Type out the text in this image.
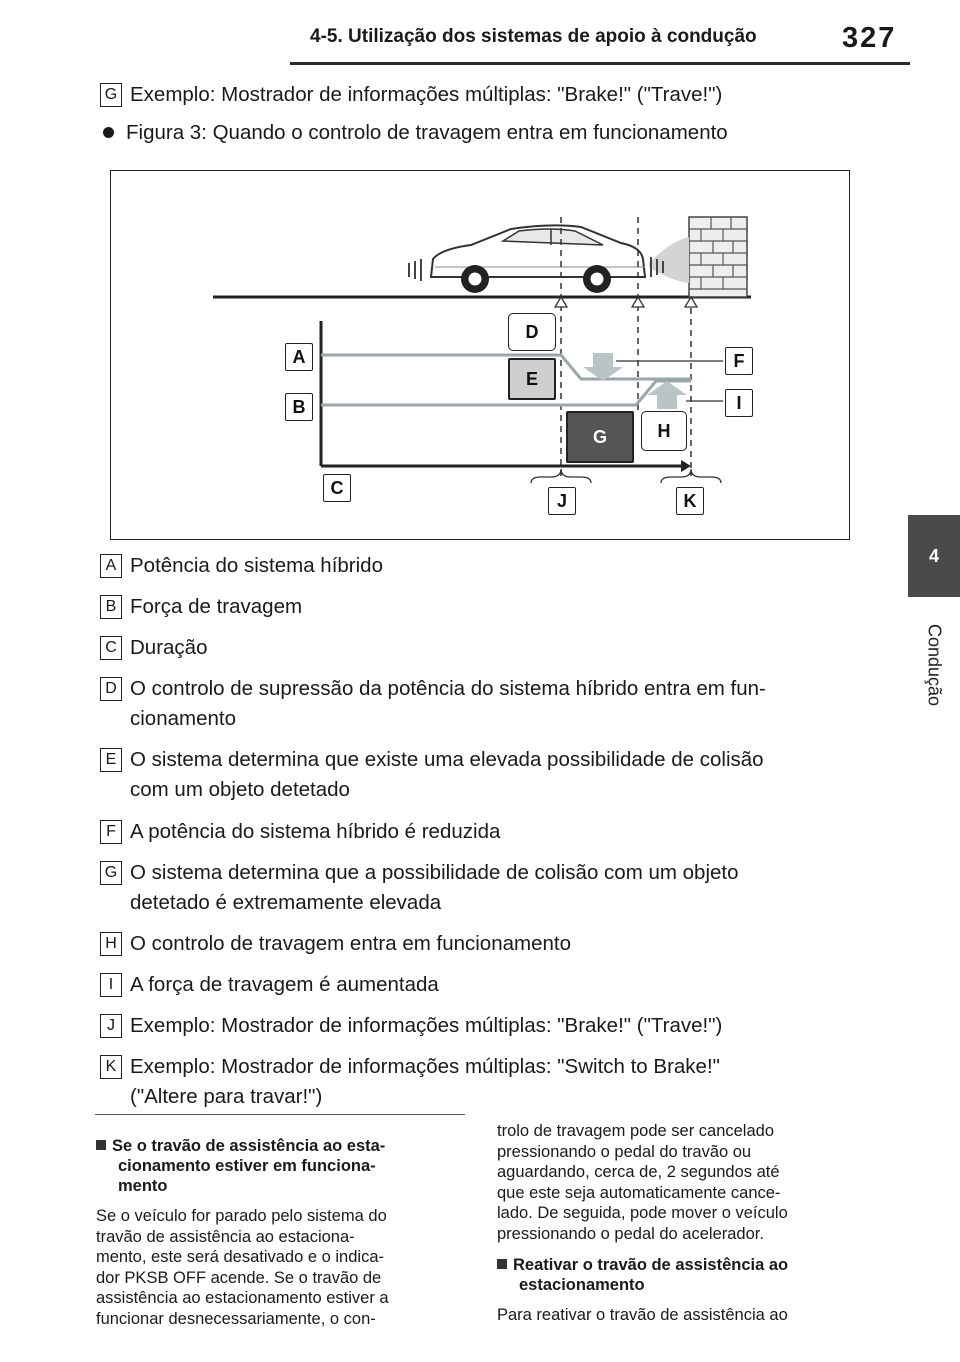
4-5. Utilização dos sistemas de apoio à condução	327
4
Condução
G Exemplo: Mostrador de informações múltiplas: "Brake!" ("Trave!")
Figura 3: Quando o controlo de travagem entra em funcionamento
A
B
C
D
E
F
G	H
I
J	K
A Potência do sistema híbrido
B Força de travagem
C Duração
D O controlo de supressão da potência do sistema híbrido entra em fun-
cionamento
E O sistema determina que existe uma elevada possibilidade de colisão
com um objeto detetado
F A potência do sistema híbrido é reduzida
G O sistema determina que a possibilidade de colisão com um objeto
detetado é extremamente elevada
H O controlo de travagem entra em funcionamento
I A força de travagem é aumentada
J Exemplo: Mostrador de informações múltiplas: "Brake!" ("Trave!")
K Exemplo: Mostrador de informações múltiplas: "Switch to Brake!"
("Altere para travar!")
Se o travão de assistência ao esta-
cionamento estiver em funciona-
mento
Se o veículo for parado pelo sistema do
travão de assistência ao estaciona-
mento, este será desativado e o indica-
dor PKSB OFF acende. Se o travão de
assistência ao estacionamento estiver a
funcionar desnecessariamente, o con-
trolo de travagem pode ser cancelado
pressionando o pedal do travão ou
aguardando, cerca de, 2 segundos até
que este seja automaticamente cance-
lado. De seguida, pode mover o veículo
pressionando o pedal do acelerador.
Reativar o travão de assistência ao
estacionamento
Para reativar o travão de assistência ao
